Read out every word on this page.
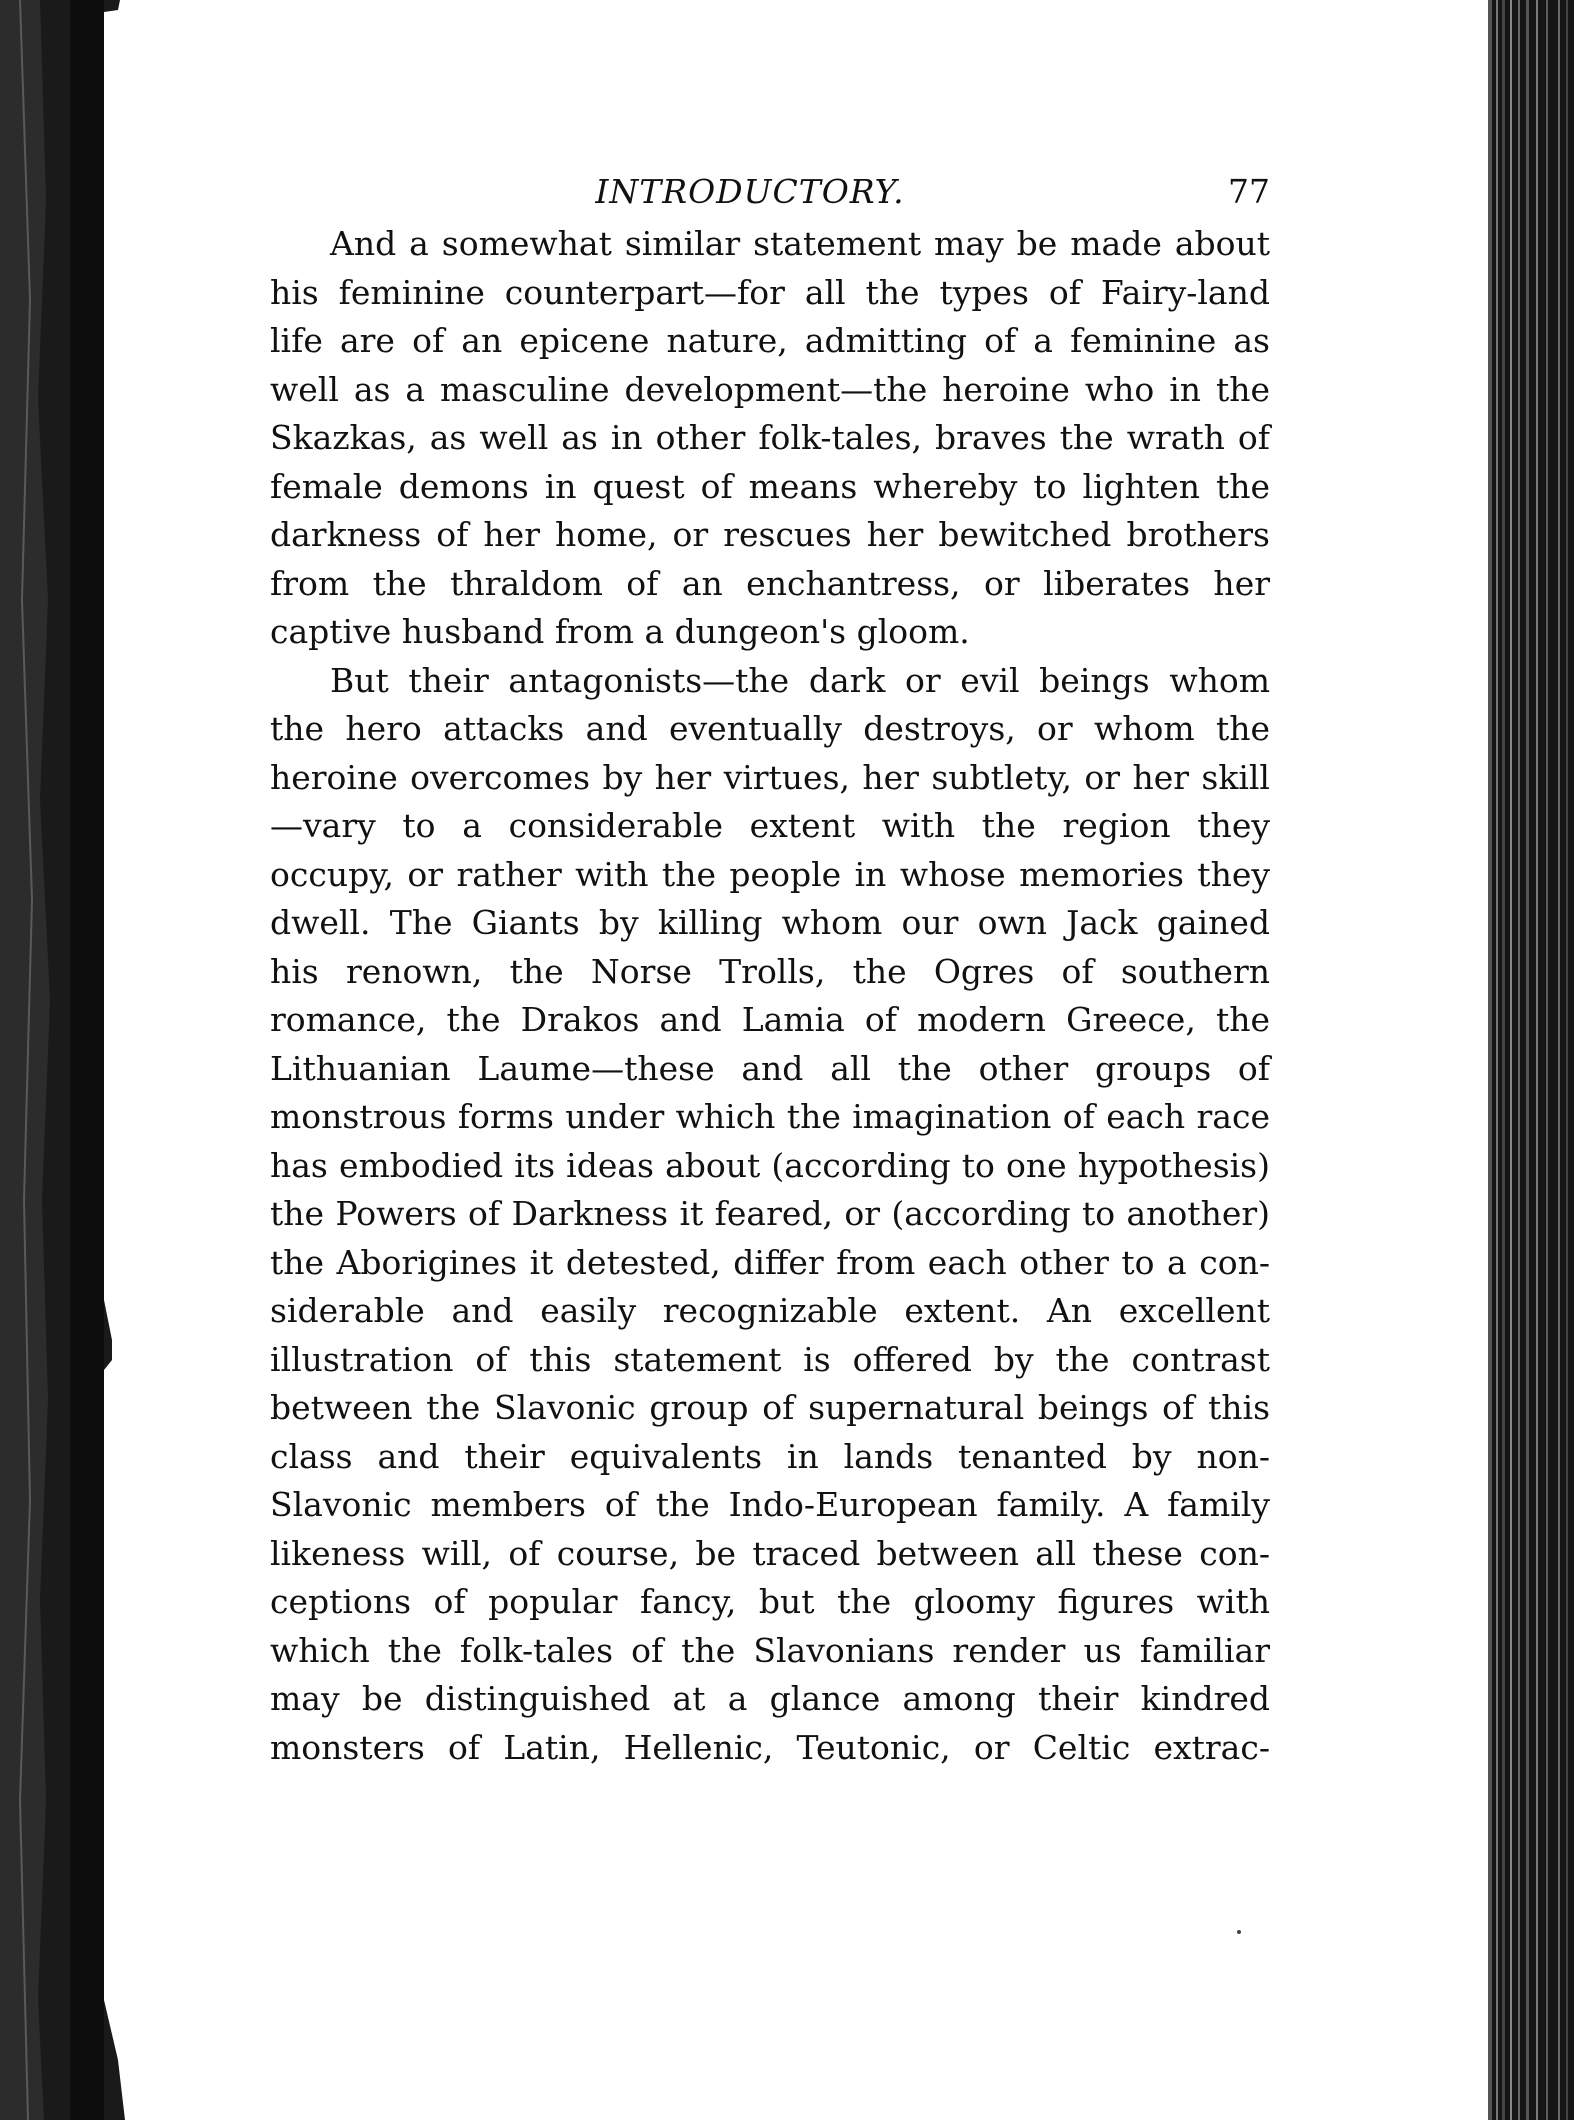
INTRODUCTORY.	77

And a somewhat similar statement may be made about
his feminine counterpart—for all the types of Fairy-land
life are of an epicene nature, admitting of a feminine as
well as a masculine development—the heroine who in the
Skazkas, as well as in other folk-tales, braves the wrath of
female demons in quest of means whereby to lighten the
darkness of her home, or rescues her bewitched brothers
from the thraldom of an enchantress, or liberates her
captive husband from a dungeon's gloom.

But their antagonists—the dark or evil beings whom
the hero attacks and eventually destroys, or whom the
heroine overcomes by her virtues, her subtlety, or her skill
—vary to a considerable extent with the region they
occupy, or rather with the people in whose memories they
dwell. The Giants by killing whom our own Jack gained
his renown, the Norse Trolls, the Ogres of southern
romance, the Drakos and Lamia of modern Greece, the
Lithuanian Laume—these and all the other groups of
monstrous forms under which the imagination of each race
has embodied its ideas about (according to one hypothesis)
the Powers of Darkness it feared, or (according to another)
the Aborigines it detested, differ from each other to a con-
siderable and easily recognizable extent. An excellent
illustration of this statement is offered by the contrast
between the Slavonic group of supernatural beings of this
class and their equivalents in lands tenanted by non-
Slavonic members of the Indo-European family. A family
likeness will, of course, be traced between all these con-
ceptions of popular fancy, but the gloomy figures with
which the folk-tales of the Slavonians render us familiar
may be distinguished at a glance among their kindred
monsters of Latin, Hellenic, Teutonic, or Celtic extrac-
